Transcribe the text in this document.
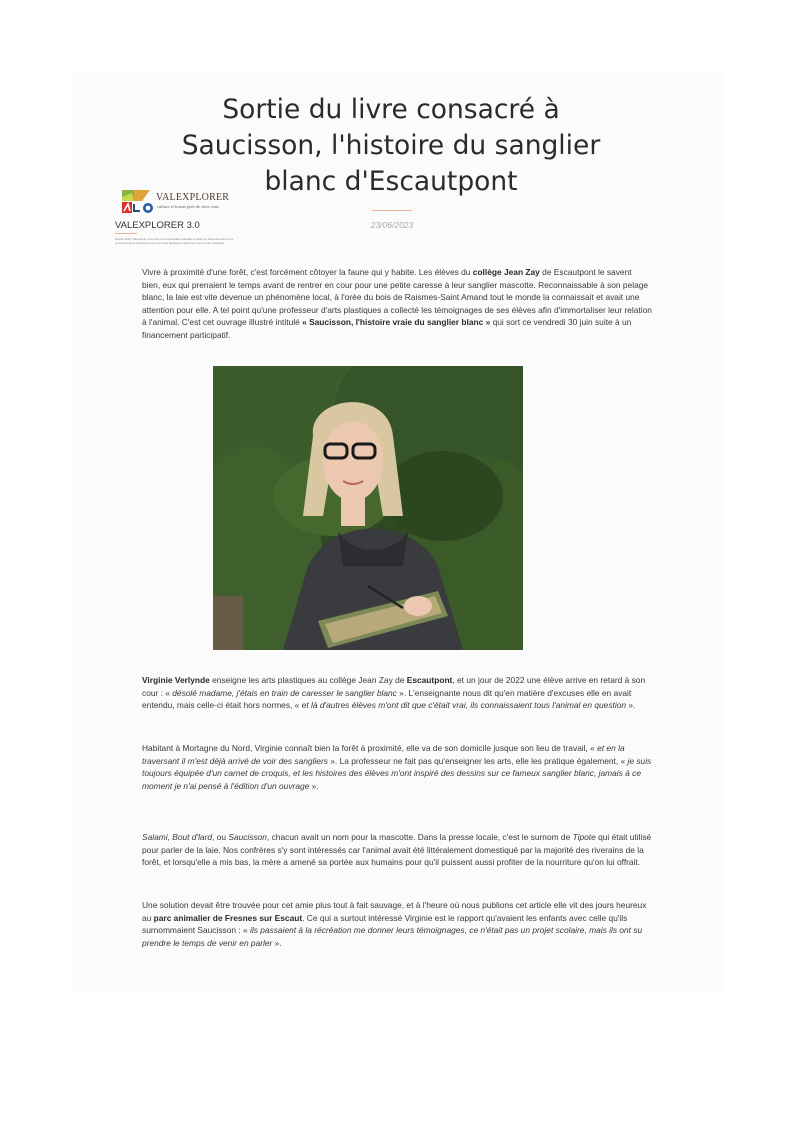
Sortie du livre consacré à Saucisson, l'histoire du sanglier blanc d'Escautpont
23/06/2023
VALEXPLORER
culture et loisirs près de chez vous
VALEXPLORER 3.0
Depuis 2015, Valexplorer vous informe sur l'actualité culturelle et loisirs du Valenciennois et ses environnements. Retrouvez-nous sur notre facebook et abonnez-vous à notre newsletter.

Vivre à proximité d'une forêt, c'est forcément côtoyer la faune qui y habite. Les élèves du collège Jean Zay de Escautpont le savent bien, eux qui prenaient le temps avant de rentrer en cour pour une petite caresse à leur sanglier mascotte. Reconnaissable à son pelage blanc, la laie est vite devenue un phénomène local, à l'orée du bois de Raismes-Saint Amand tout le monde la connaissait et avait une attention pour elle. A tel point qu'une professeur d'arts plastiques a collecté les témoignages de ses élèves afin d'immortaliser leur relation à l'animal. C'est cet ouvrage illustré intitulé « Saucisson, l'histoire vraie du sanglier blanc » qui sort ce vendredi 30 juin suite à un financement participatif.

Virginie Verlynde enseigne les arts plastiques au collège Jean Zay de Escautpont, et un jour de 2022 une élève arrive en retard à son cour : « désolé madame, j'étais en train de caresser le sanglier blanc ». L'enseignante nous dit qu'en matière d'excuses elle en avait entendu, mais celle-ci était hors normes, « et là d'autres élèves m'ont dit que c'était vrai, ils connaissaient tous l'animal en question ».

Habitant à Mortagne du Nord, Virginie connaît bien la forêt à proximité, elle va de son domicile jusque son lieu de travail, « et en la traversant il m'est déjà arrivé de voir des sangliers ». La professeur ne fait pas qu'enseigner les arts, elle les pratique également, « je suis toujours équipée d'un carnet de croquis, et les histoires des élèves m'ont inspiré des dessins sur ce fameux sanglier blanc, jamais à ce moment je n'ai pensé à l'édition d'un ouvrage ».

Salami, Bout d'lard, ou Saucisson, chacun avait un nom pour la mascotte. Dans la presse locale, c'est le surnom de Tipote qui était utilisé pour parler de la laie. Nos confrères s'y sont intéressés car l'animal avait été littéralement domestiqué par la majorité des riverains de la forêt, et lorsqu'elle a mis bas, la mère a amené sa portée aux humains pour qu'il puissent aussi profiter de la nourriture qu'on lui offrait.

Une solution devait être trouvée pour cet amie plus tout à fait sauvage, et à l'heure où nous publions cet article elle vit des jours heureux au parc animalier de Fresnes sur Escaut. Ce qui a surtout intéressé Virginie est le rapport qu'avaient les enfants avec celle qu'ils surnommaient Saucisson : « ils passaient à la récréation me donner leurs témoignages, ce n'était pas un projet scolaire, mais ils ont su prendre le temps de venir en parler ».
